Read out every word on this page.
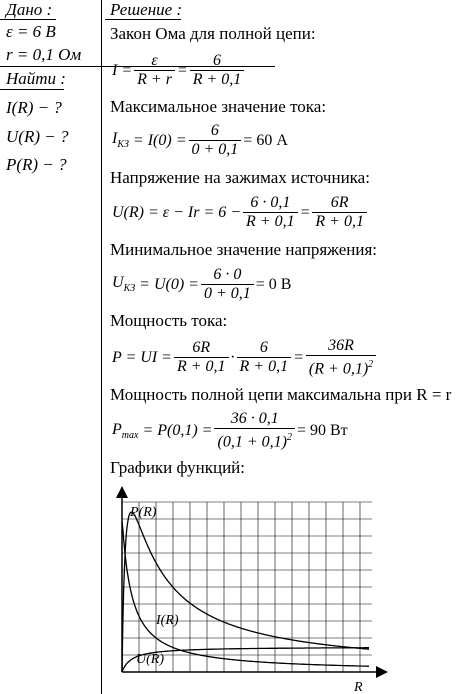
Дано :
ε = 6 В
r = 0,1 Ом
Найти :
I(R) − ?
U(R) − ?
P(R) − ?
Решение :
Закон Ома для полной цепи:
$I = \frac{\varepsilon}{R + r} = \frac{6}{R + 0,1}$
Максимальное значение тока:
$I_{КЗ} = I(0) = \frac{6}{0 + 0,1} = 60$ А
Напряжение на зажимах источника:
$U(R) = \varepsilon - Ir = 6 - \frac{6 \cdot 0,1}{R + 0,1} = \frac{6R}{R + 0,1}$
Минимальное значение напряжения:
$U_{КЗ} = U(0) = \frac{6 \cdot 0}{0 + 0,1} = 0$ В
Мощность тока:
P = UI = $\frac{6R}{R + 0,1} \cdot \frac{6}{R + 0,1} = \frac{36R}{(R + 0,1)^2}$
Мощность полной цепи максимальна при R = r
$P_{max} = P(0,1) = \frac{36 \cdot 0,1}{(0,1 + 0,1)^2} = 90$ Вт
Графики функций:
P(R)
I(R)
U(R)
R
